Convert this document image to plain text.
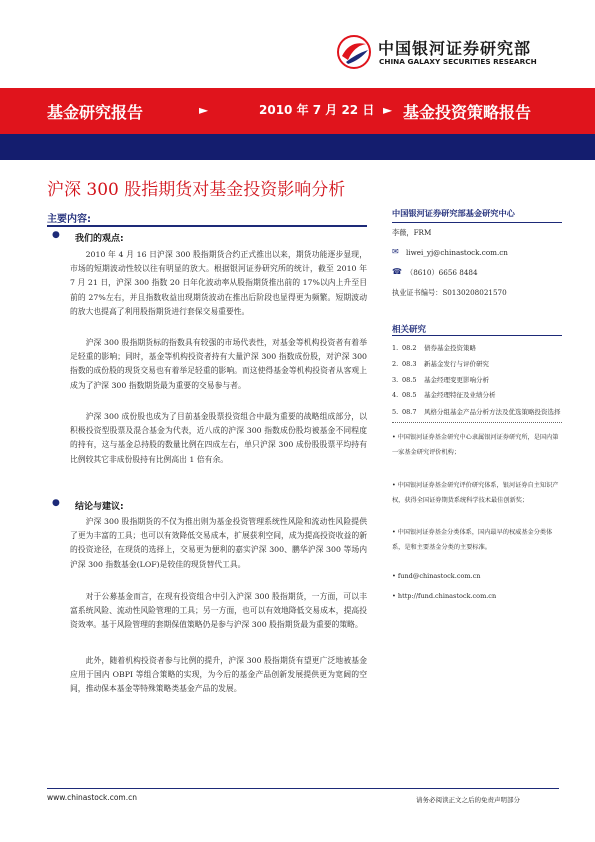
中国银河证券研究部
CHINA GALAXY SECURITIES RESEARCH
基金研究报告	►	2010 年 7 月 22 日 ► 基金投资策略报告
沪深 300 股指期货对基金投资影响分析
主要内容:
● 我们的观点:
2010 年 4 月 16 日沪深 300 股指期货合约正式推出以来，期货功能逐步显现，市场的短期波动性较以往有明显的放大。根据银河证券研究所的统计，截至 2010 年 7 月 21 日，沪深 300 指数 20 日年化波动率从股指期货推出前的 17%以内上升至目前的 27%左右，并且指数收益出现期货波动在推出后阶段也显得更为频繁。短期波动的放大也提高了利用股指期货进行套保交易重要性。
沪深 300 股指期货标的指数具有较强的市场代表性，对基金等机构投资者有着举足轻重的影响；同时，基金等机构投资者持有大量沪深 300 指数成份股，对沪深 300 指数的成份股的现货交易也有着举足轻重的影响。而这使得基金等机构投资者从客观上成为了沪深 300 指数期货最为重要的交易参与者。
沪深 300 成份股也成为了目前基金股票投资组合中最为重要的战略组成部分，以积极投资型股票及混合基金为代表，近八成的沪深 300 指数成份股均被基金不同程度的持有，这与基金总持股的数量比例在四成左右，单只沪深 300 成份股股票平均持有比例较其它非成份股持有比例高出 1 倍有余。
● 结论与建议:
沪深 300 股指期货的不仅为推出则为基金投资管理系统性风险和流动性风险提供了更为丰富的工具；也可以有效降低交易成本，扩展获利空间，成为提高投资收益的新的投资途径，在现货的选择上，交易更为便利的嘉实沪深 300、鹏华沪深 300 等场内沪深 300 指数基金(LOF)是较佳的现货替代工具。
对于公募基金而言，在现有投资组合中引入沪深 300 股指期货，一方面，可以丰富系统风险、流动性风险管理的工具；另一方面，也可以有效地降低交易成本，提高投资效率。基于风险管理的套期保值策略仍是参与沪深 300 股指期货最为重要的策略。
此外，随着机构投资者参与比例的提升，沪深 300 股指期货有望更广泛地被基金应用于国内 OBPI 等组合策略的实现，为今后的基金产品创新发展提供更为宽阔的空间，推动保本基金等特殊策略类基金产品的发展。
中国银河证券研究部基金研究中心
李薇，FRM
✉ liwei_yj@chinastock.com.cn
☎ （8610）6656 8484
执业证书编号：S0130208021570
相关研究
1. 08.2 债券基金投资策略
2. 08.3 新基金发行与评价研究
3. 08.5 基金经理变更影响分析
4. 08.5 基金经理特征及业绩分析
5. 08.7 风格分组基金产品分析方法及优选策略投资选择
• 中国银河证券基金研究中心隶属银河证券研究所，是国内第一家基金研究评价机构；
• 中国银河证券基金研究评价研究体系，银河证券自主知识产权，获得全国证券期货系统科学技术最佳创新奖；
• 中国银河证券基金分类体系，国内最早的权威基金分类体系，是和主要基金分类的主要标准。
• fund@chinastock.com.cn
• http://fund.chinastock.com.cn
www.chinastock.com.cn	请务必阅读正文之后的免责声明部分
